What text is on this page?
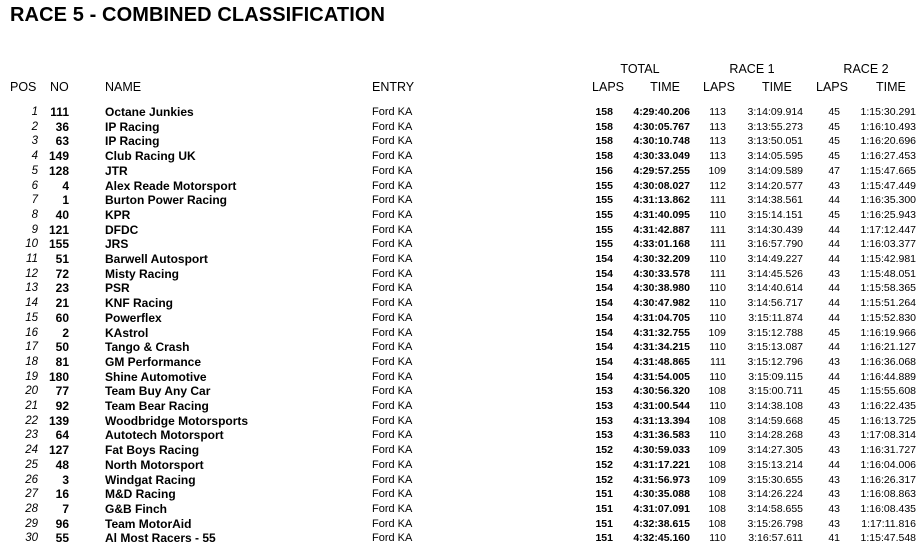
RACE 5 - COMBINED CLASSIFICATION
TOTAL	RACE 1	RACE 2
POS NO	NAME	ENTRY	LAPS	TIME LAPS TIME LAPS TIME
1	111	Octane Junkies	Ford KA	158	4:29:40.206	113	3:14:09.914	45	1:15:30.291
2	36	IP Racing	Ford KA	158	4:30:05.767	113	3:13:55.273	45	1:16:10.493
3	63	IP Racing	Ford KA	158	4:30:10.748	113	3:13:50.051	45	1:16:20.696
4 149	Club Racing UK	Ford KA	158	4:30:33.049	113	3:14:05.595	45	1:16:27.453
5 128	JTR	Ford KA	156	4:29:57.255	109	3:14:09.589	47	1:15:47.665
6	4	Alex Reade Motorsport	Ford KA	155	4:30:08.027	112	3:14:20.577	43	1:15:47.449
7	1	Burton Power Racing	Ford KA	155	4:31:13.862	111	3:14:38.561	44	1:16:35.300
8	40	KPR	Ford KA	155	4:31:40.095	110	3:15:14.151	45	1:16:25.943
9 121	DFDC	Ford KA	155	4:31:42.887	111	3:14:30.439	44	1:17:12.447
10 155	JRS	Ford KA	155	4:33:01.168	111	3:16:57.790	44	1:16:03.377
11	51	Barwell Autosport	Ford KA	154	4:30:32.209	110	3:14:49.227	44	1:15:42.981
12	72	Misty Racing	Ford KA	154	4:30:33.578	111	3:14:45.526	43	1:15:48.051
13	23	PSR	Ford KA	154	4:30:38.980	110	3:14:40.614	44	1:15:58.365
14	21	KNF Racing	Ford KA	154	4:30:47.982	110	3:14:56.717	44	1:15:51.264
15	60	Powerflex	Ford KA	154	4:31:04.705	110	3:15:11.874	44	1:15:52.830
16	2	KAstrol	Ford KA	154	4:31:32.755	109	3:15:12.788	45	1:16:19.966
17	50	Tango & Crash	Ford KA	154	4:31:34.215	110	3:15:13.087	44	1:16:21.127
18	81	GM Performance	Ford KA	154	4:31:48.865	111	3:15:12.796	43	1:16:36.068
19 180	Shine Automotive	Ford KA	154	4:31:54.005	110	3:15:09.115	44	1:16:44.889
20	77	Team Buy Any Car	Ford KA	153	4:30:56.320	108	3:15:00.711	45	1:15:55.608
21	92	Team Bear Racing	Ford KA	153	4:31:00.544	110	3:14:38.108	43	1:16:22.435
22 139	Woodbridge Motorsports	Ford KA	153	4:31:13.394	108	3:14:59.668	45	1:16:13.725
23	64	Autotech Motorsport	Ford KA	153	4:31:36.583	110	3:14:28.268	43	1:17:08.314
24 127	Fat Boys Racing	Ford KA	152	4:30:59.033	109	3:14:27.305	43	1:16:31.727
25	48	North Motorsport	Ford KA	152	4:31:17.221	108	3:15:13.214	44	1:16:04.006
26	3	Windgat Racing	Ford KA	152	4:31:56.973	109	3:15:30.655	43	1:16:26.317
27	16	M&D Racing	Ford KA	151	4:30:35.088	108	3:14:26.224	43	1:16:08.863
28	7	G&B Finch	Ford KA	151	4:31:07.091	108	3:14:58.655	43	1:16:08.435
29	96	Team MotorAid	Ford KA	151	4:32:38.615	108	3:15:26.798	43	1:17:11.816
30	55	Al Most Racers - 55	Ford KA	151	4:32:45.160	110	3:16:57.611	41	1:15:47.548
